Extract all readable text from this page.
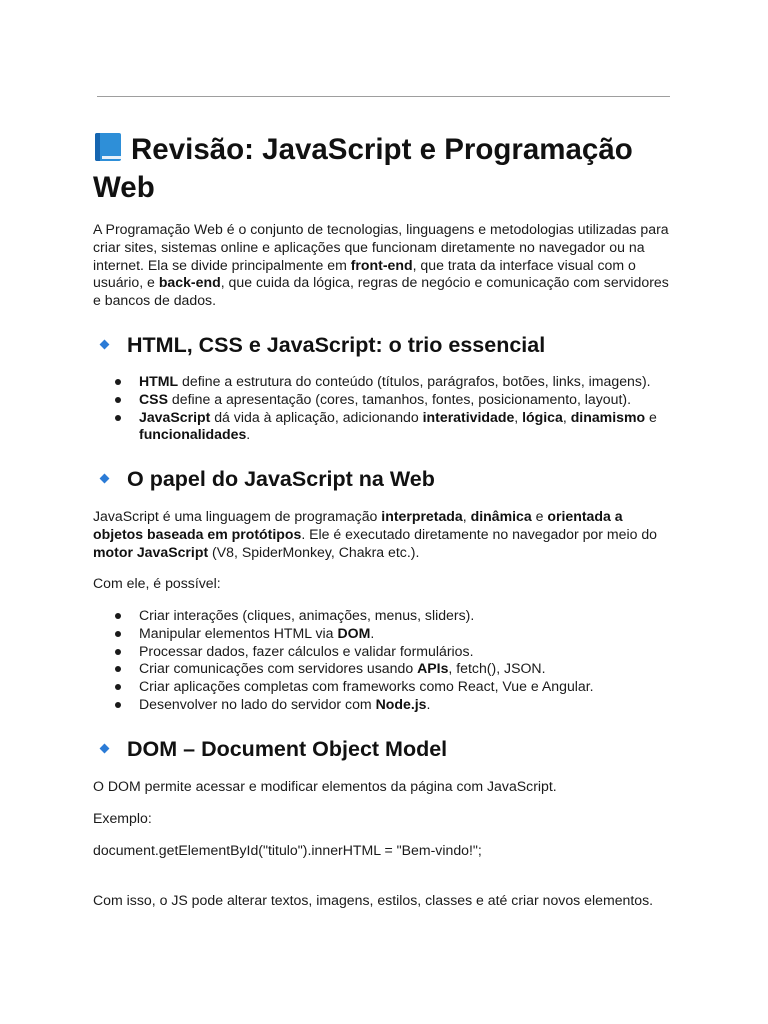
Revisão: JavaScript e Programação Web

A Programação Web é o conjunto de tecnologias, linguagens e metodologias utilizadas para criar sites, sistemas online e aplicações que funcionam diretamente no navegador ou na internet. Ela se divide principalmente em front-end, que trata da interface visual com o usuário, e back-end, que cuida da lógica, regras de negócio e comunicação com servidores e bancos de dados.

HTML, CSS e JavaScript: o trio essencial
HTML define a estrutura do conteúdo (títulos, parágrafos, botões, links, imagens).
CSS define a apresentação (cores, tamanhos, fontes, posicionamento, layout).
JavaScript dá vida à aplicação, adicionando interatividade, lógica, dinamismo e funcionalidades.
O papel do JavaScript na Web

JavaScript é uma linguagem de programação interpretada, dinâmica e orientada a objetos baseada em protótipos. Ele é executado diretamente no navegador por meio do motor JavaScript (V8, SpiderMonkey, Chakra etc.).

Com ele, é possível:

Criar interações (cliques, animações, menus, sliders).
Manipular elementos HTML via DOM.
Processar dados, fazer cálculos e validar formulários.
Criar comunicações com servidores usando APIs, fetch(), JSON.
Criar aplicações completas com frameworks como React, Vue e Angular.
Desenvolver no lado do servidor com Node.js.
DOM – Document Object Model

O DOM permite acessar e modificar elementos da página com JavaScript.

Exemplo:

document.getElementById("titulo").innerHTML = "Bem-vindo!";

Com isso, o JS pode alterar textos, imagens, estilos, classes e até criar novos elementos.
